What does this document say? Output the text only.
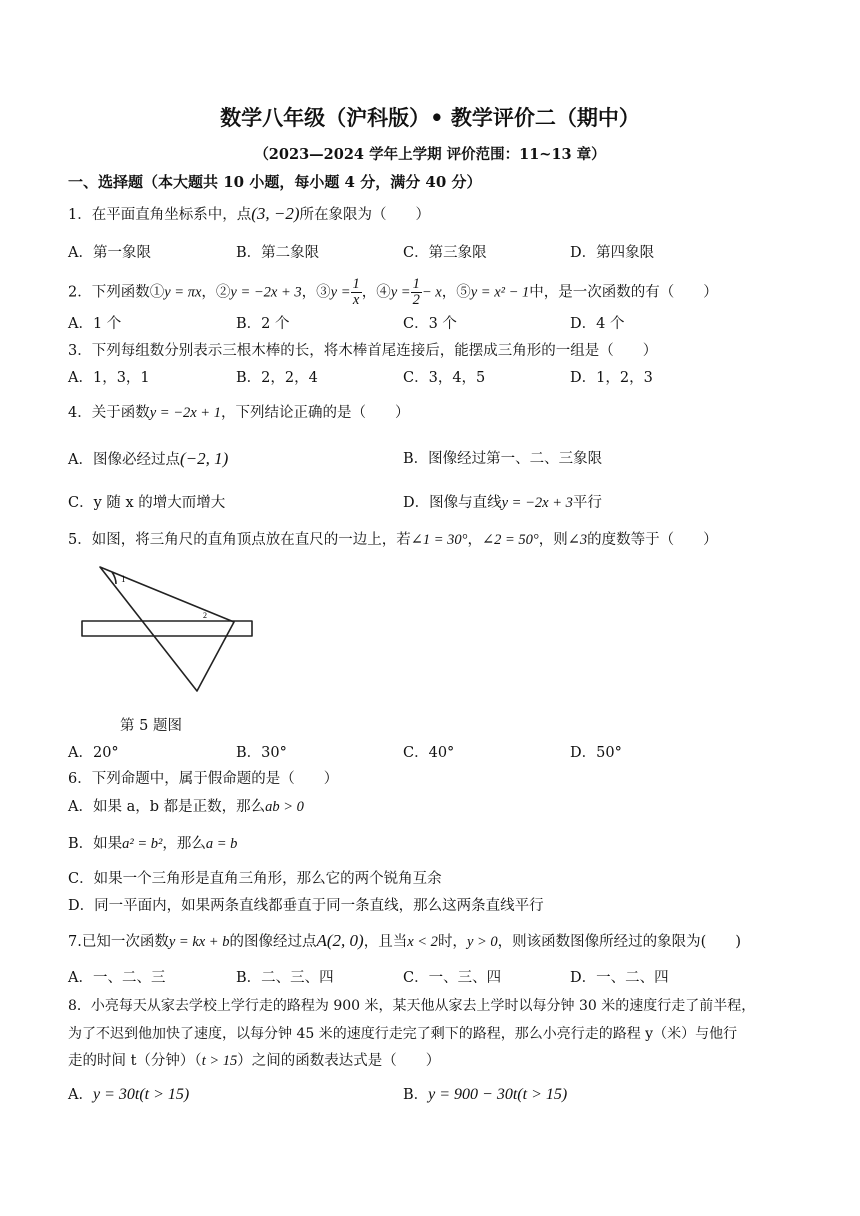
数学八年级（沪科版）• 教学评价二（期中）
（2023—2024 学年上学期 评价范围：11~13 章）
一、选择题（本大题共 10 小题，每小题 4 分，满分 40 分）
1．在平面直角坐标系中，点(3, −2)所在象限为（　　）
A．第一象限	B．第二象限	C．第三象限	D．第四象限
2．下列函数①y = πx，②y = −2x + 3，③y = $\frac{1}{x}$ ，④y = $\frac{1}{2} - x$，⑤y = x² − 1中，是一次函数的有（　　）
A．1 个	B．2 个	C．3 个	D．4 个
3．下列每组数分别表示三根木棒的长，将木棒首尾连接后，能摆成三角形的一组是（　　）
A．1，3，1	B．2，2，4	C．3，4，5	D．1，2，3
4．关于函数y = −2x + 1，下列结论正确的是（　　）
A．图像必经过点(−2, 1)	B．图像经过第一、二、三象限
C．y 随 x 的增大而增大	D．图像与直线y = −2x + 3平行
5．如图，将三角尺的直角顶点放在直尺的一边上，若∠1 = 30°，∠2 = 50°，则∠3的度数等于（　　）
1
2
第 5 题图
A．20°	B．30°	C．40°	D．50°
6．下列命题中，属于假命题的是（　　）
A．如果 a，b 都是正数，那么ab > 0
B．如果a² = b²，那么a = b
C．如果一个三角形是直角三角形，那么它的两个锐角互余
D．同一平面内，如果两条直线都垂直于同一条直线，那么这两条直线平行
7.已知一次函数y = kx + b的图像经过点A(2, 0)，且当x < 2时，y > 0，则该函数图像所经过的象限为(　　)
A．一、二、三	B．二、三、四	C．一、三、四	D．一、二、四
8．小亮每天从家去学校上学行走的路程为 900 米，某天他从家去上学时以每分钟 30 米的速度行走了前半程，
为了不迟到他加快了速度，以每分钟 45 米的速度行走完了剩下的路程，那么小亮行走的路程 y（米）与他行
走的时间 t（分钟）（t > 15）之间的函数表达式是（　　）
A．y = 30t(t > 15)	B．y = 900 − 30t(t > 15)
